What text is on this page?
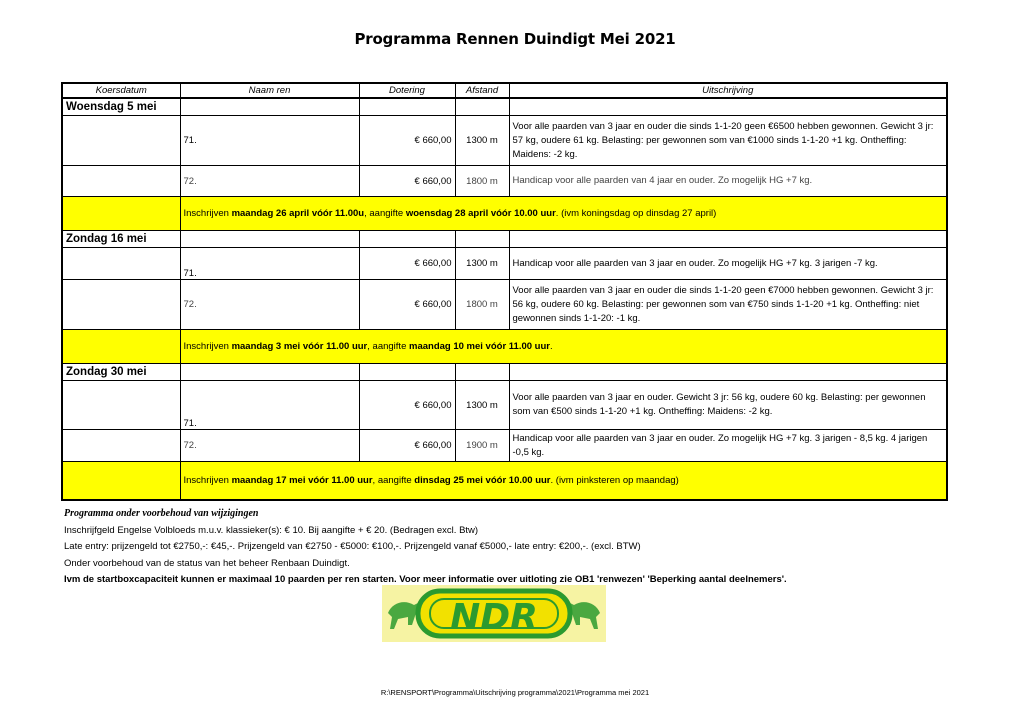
Programma Rennen Duindigt Mei 2021
Koersdatum	Naam ren	Dotering	Afstand	Uitschrijving
Woensdag 5 mei				
	71.	€ 660,00	1300 m	Voor alle paarden van 3 jaar en ouder die sinds 1-1-20 geen €6500 hebben gewonnen. Gewicht 3 jr: 57 kg, oudere 61 kg. Belasting: per gewonnen som van €1000 sinds 1-1-20 +1 kg. Ontheffing: Maidens: -2 kg.
	72.	€ 660,00	1800 m	Handicap voor alle paarden van 4 jaar en ouder. Zo mogelijk HG +7 kg.
	Inschrijven maandag 26 april vóór 11.00u, aangifte woensdag 28 april vóór 10.00 uur. (ivm koningsdag op dinsdag 27 april)			
Zondag 16 mei				
	71.	€ 660,00	1300 m	Handicap voor alle paarden van 3 jaar en ouder. Zo mogelijk HG +7 kg. 3 jarigen -7 kg.
	72.	€ 660,00	1800 m	Voor alle paarden van 3 jaar en ouder die sinds 1-1-20 geen €7000 hebben gewonnen. Gewicht 3 jr: 56 kg, oudere 60 kg. Belasting: per gewonnen som van €750 sinds 1-1-20 +1 kg. Ontheffing: niet gewonnen sinds 1-1-20: -1 kg.
	Inschrijven maandag 3 mei vóór 11.00 uur, aangifte maandag 10 mei vóór 11.00 uur.			
Zondag 30 mei				
	71.	€ 660,00	1300 m	Voor alle paarden van 3 jaar en ouder. Gewicht 3 jr: 56 kg, oudere 60 kg. Belasting: per gewonnen som van €500 sinds 1-1-20 +1 kg. Ontheffing: Maidens: -2 kg.
	72.	€ 660,00	1900 m	Handicap voor alle paarden van 3 jaar en ouder. Zo mogelijk HG +7 kg. 3 jarigen - 8,5 kg. 4 jarigen -0,5 kg.
	Inschrijven maandag 17 mei vóór 11.00 uur, aangifte dinsdag 25 mei vóór 10.00 uur. (ivm pinksteren op maandag)			
Programma onder voorbehoud van wijzigingen
Inschrijfgeld Engelse Volbloeds m.u.v. klassieker(s): € 10. Bij aangifte + € 20. (Bedragen excl. Btw)
Late entry: prijzengeld tot €2750,-: €45,-. Prijzengeld van €2750 - €5000: €100,-. Prijzengeld vanaf €5000,- late entry: €200,-. (excl. BTW)
Onder voorbehoud van de status van het beheer Renbaan Duindigt.
Ivm de startboxcapaciteit kunnen er maximaal 10 paarden per ren starten. Voor meer informatie over uitloting zie OB1 'renwezen' 'Beperking aantal deelnemers'.
NDR
R:\RENSPORT\Programma\Uitschrijving programma\2021\Programma mei 2021
